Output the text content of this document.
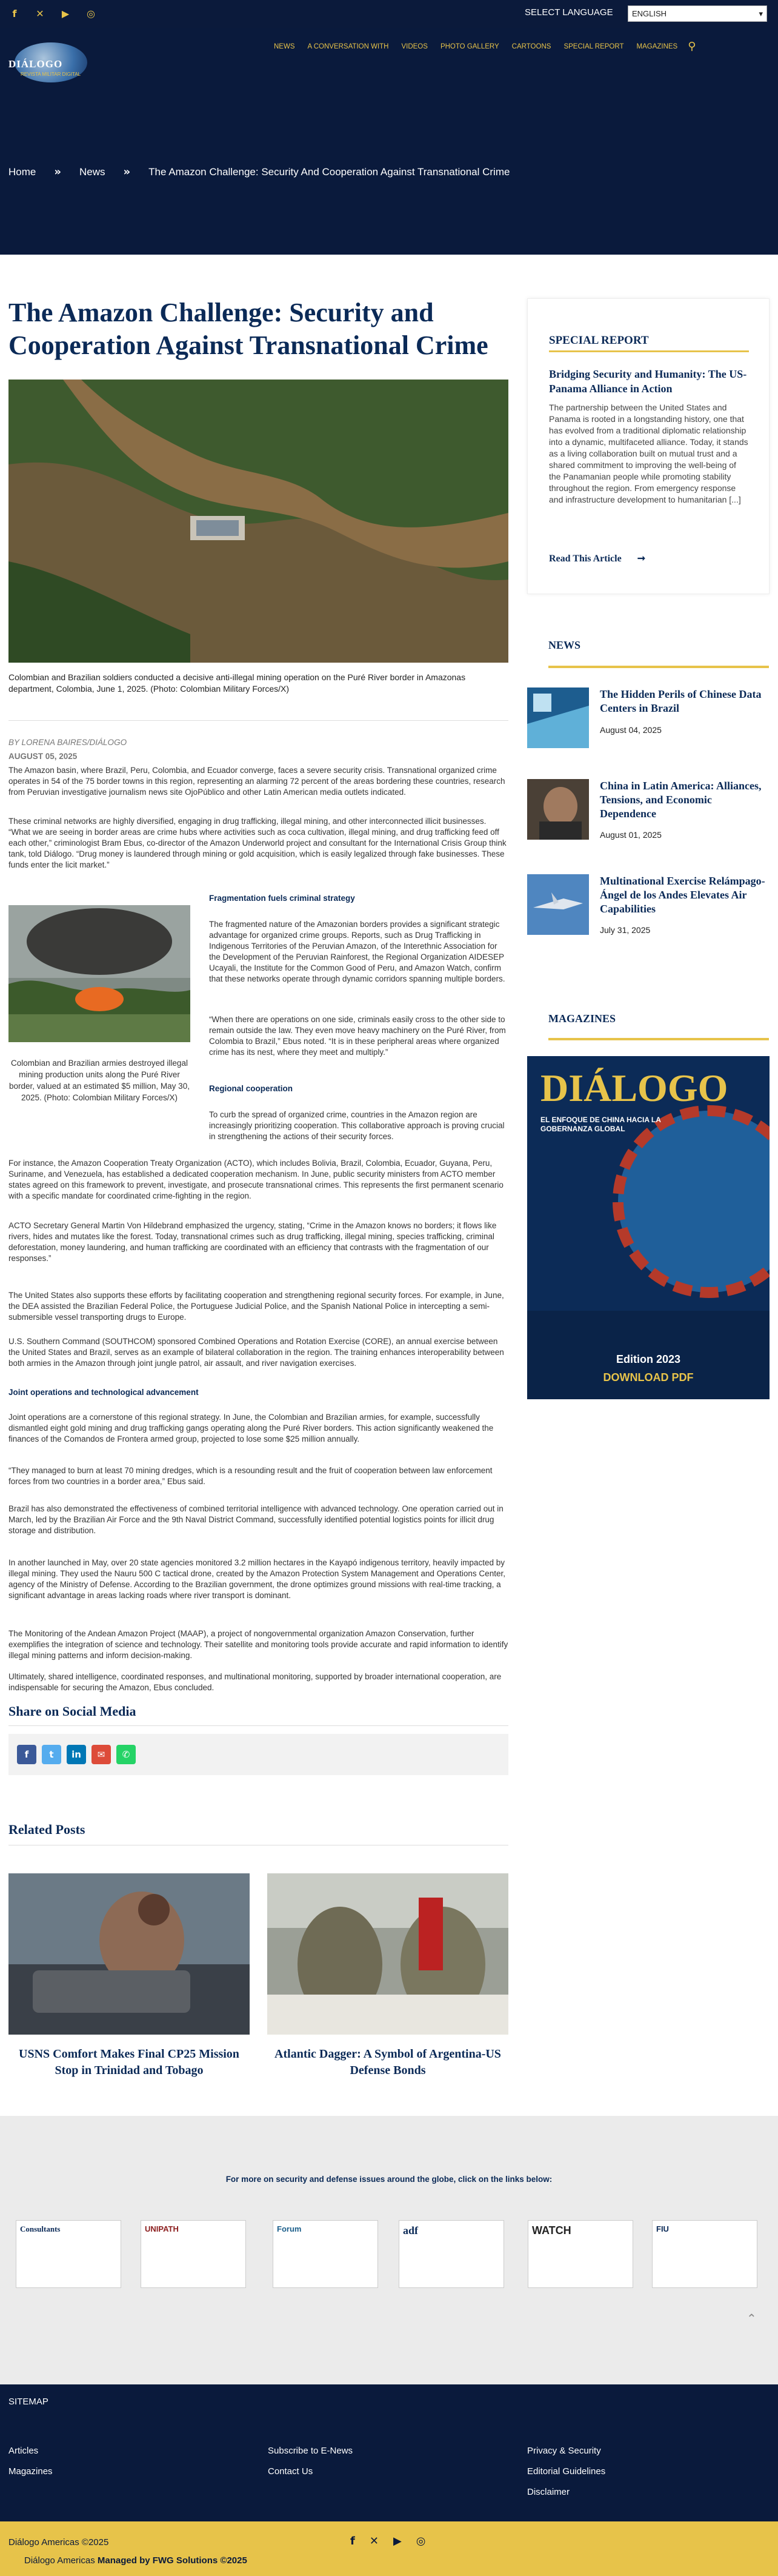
f	✕ ▶ ◎	SELECT LANGUAGE	ENGLISH ▾
DIÁLOGO
REVISTA MILITAR DIGITAL
NEWS A CONVERSATION WITH VIDEOS PHOTO GALLERY CARTOONS SPECIAL REPORT MAGAZINES ⚲
Home » News » The Amazon Challenge: Security And Cooperation Against Transnational Crime
The Amazon Challenge: Security and Cooperation Against Transnational Crime
Colombian and Brazilian soldiers conducted a decisive anti-illegal mining operation on the Puré River border in Amazonas department, Colombia, June 1, 2025. (Photo: Colombian Military Forces/X)
BY LORENA BAIRES/DIÁLOGO
AUGUST 05, 2025
The Amazon basin, where Brazil, Peru, Colombia, and Ecuador converge, faces a severe security crisis. Transnational organized crime operates in 54 of the 75 border towns in this region, representing an alarming 72 percent of the areas bordering these countries, research from Peruvian investigative journalism news site OjoPúblico and other Latin American media outlets indicated.
These criminal networks are highly diversified, engaging in drug trafficking, illegal mining, and other interconnected illicit businesses. “What we are seeing in border areas are crime hubs where activities such as coca cultivation, illegal mining, and drug trafficking feed off each other,” criminologist Bram Ebus, co-director of the Amazon Underworld project and consultant for the International Crisis Group think tank, told Diálogo. “Drug money is laundered through mining or gold acquisition, which is easily legalized through fake businesses. These funds enter the licit market.”
Fragmentation fuels criminal strategy
The fragmented nature of the Amazonian borders provides a significant strategic advantage for organized crime groups. Reports, such as Drug Trafficking in Indigenous Territories of the Peruvian Amazon, of the Interethnic Association for the Development of the Peruvian Rainforest, the Regional Organization AIDESEP Ucayali, the Institute for the Common Good of Peru, and Amazon Watch, confirm that these networks operate through dynamic corridors spanning multiple borders.
“When there are operations on one side, criminals easily cross to the other side to remain outside the law. They even move heavy machinery on the Puré River, from Colombia to Brazil,” Ebus noted. “It is in these peripheral areas where organized crime has its nest, where they meet and multiply.”
Regional cooperation
To curb the spread of organized crime, countries in the Amazon region are increasingly prioritizing cooperation. This collaborative approach is proving crucial in strengthening the actions of their security forces.
Colombian and Brazilian armies destroyed illegal mining production units along the Puré River border, valued at an estimated $5 million, May 30, 2025. (Photo: Colombian Military Forces/X)
For instance, the Amazon Cooperation Treaty Organization (ACTO), which includes Bolivia, Brazil, Colombia, Ecuador, Guyana, Peru, Suriname, and Venezuela, has established a dedicated cooperation mechanism. In June, public security ministers from ACTO member states agreed on this framework to prevent, investigate, and prosecute transnational crimes. This represents the first permanent scenario with a specific mandate for coordinated crime-fighting in the region.
ACTO Secretary General Martin Von Hildebrand emphasized the urgency, stating, “Crime in the Amazon knows no borders; it flows like rivers, hides and mutates like the forest. Today, transnational crimes such as drug trafficking, illegal mining, species trafficking, criminal deforestation, money laundering, and human trafficking are coordinated with an efficiency that contrasts with the fragmentation of our responses.”
The United States also supports these efforts by facilitating cooperation and strengthening regional security forces. For example, in June, the DEA assisted the Brazilian Federal Police, the Portuguese Judicial Police, and the Spanish National Police in intercepting a semi-submersible vessel transporting drugs to Europe.
U.S. Southern Command (SOUTHCOM) sponsored Combined Operations and Rotation Exercise (CORE), an annual exercise between the United States and Brazil, serves as an example of bilateral collaboration in the region. The training enhances interoperability between both armies in the Amazon through joint jungle patrol, air assault, and river navigation exercises.
Joint operations and technological advancement
Joint operations are a cornerstone of this regional strategy. In June, the Colombian and Brazilian armies, for example, successfully dismantled eight gold mining and drug trafficking gangs operating along the Puré River borders. This action significantly weakened the finances of the Comandos de Frontera armed group, projected to lose some $25 million annually.
“They managed to burn at least 70 mining dredges, which is a resounding result and the fruit of cooperation between law enforcement forces from two countries in a border area,” Ebus said.
Brazil has also demonstrated the effectiveness of combined territorial intelligence with advanced technology. One operation carried out in March, led by the Brazilian Air Force and the 9th Naval District Command, successfully identified potential logistics points for illicit drug storage and distribution.
In another launched in May, over 20 state agencies monitored 3.2 million hectares in the Kayapó indigenous territory, heavily impacted by illegal mining. They used the Nauru 500 C tactical drone, created by the Amazon Protection System Management and Operations Center, agency of the Ministry of Defense. According to the Brazilian government, the drone optimizes ground missions with real-time tracking, a significant advantage in areas lacking roads where river transport is dominant.
The Monitoring of the Andean Amazon Project (MAAP), a project of nongovernmental organization Amazon Conservation, further exemplifies the integration of science and technology. Their satellite and monitoring tools provide accurate and rapid information to identify illegal mining patterns and inform decision-making.
Ultimately, shared intelligence, coordinated responses, and multinational monitoring, supported by broader international cooperation, are indispensable for securing the Amazon, Ebus concluded.
Share on Social Media
f	t	in	✉	✆
Related Posts
USNS Comfort Makes Final CP25 Mission Stop in Trinidad and Tobago
Atlantic Dagger: A Symbol of Argentina-US Defense Bonds
SPECIAL REPORT
Bridging Security and Humanity: The US-Panama Alliance in Action
The partnership between the United States and Panama is rooted in a longstanding history, one that has evolved from a traditional diplomatic relationship into a dynamic, multifaceted alliance. Today, it stands as a living collaboration built on mutual trust and a shared commitment to improving the well-being of the Panamanian people while promoting stability throughout the region. From emergency response and infrastructure development to humanitarian [...]
Read This Article ➞
NEWS
The Hidden Perils of Chinese Data Centers in Brazil
August 04, 2025
China in Latin America: Alliances, Tensions, and Economic Dependence
August 01, 2025
Multinational Exercise Relámpago-Ángel de los Andes Elevates Air Capabilities
July 31, 2025
MAGAZINES
DIÁLOGO
EL ENFOQUE DE CHINA HACIA LA GOBERNANZA GLOBAL
Edition 2023
DOWNLOAD PDF
For more on security and defense issues around the globe, click on the links below:
Consultants	UNIPATH	Forum	adf	WATCH	FIU
⌃
SITEMAP
Articles
Magazines
Subscribe to E-News
Contact Us
Privacy & Security
Editorial Guidelines
Disclaimer
Diálogo Americas ©2025	f ✕ ▶ ◎
Diálogo Americas Managed by FWG Solutions ©2025
